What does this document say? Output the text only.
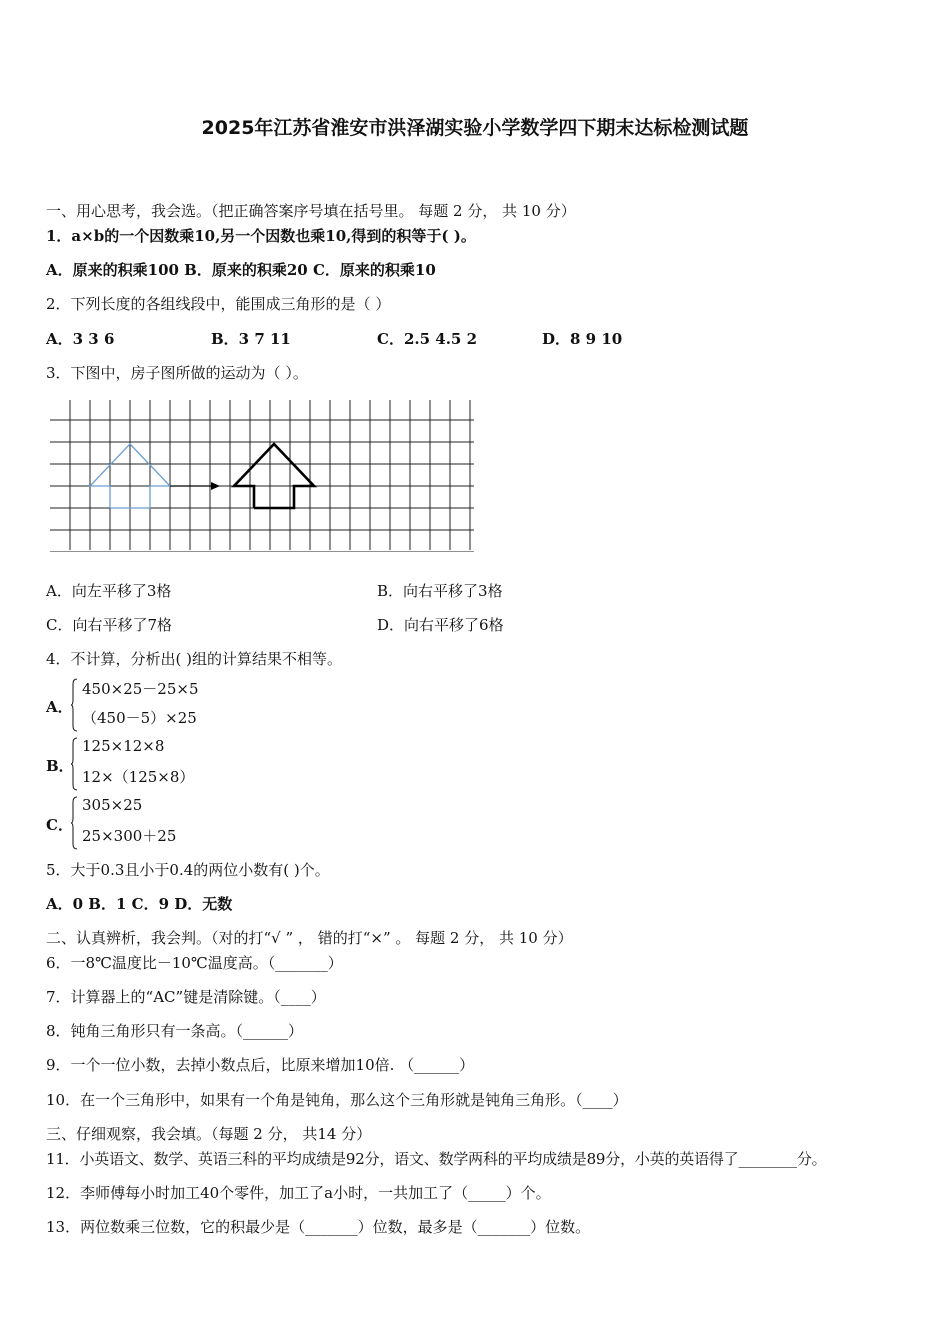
2025年江苏省淮安市洪泽湖实验小学数学四下期末达标检测试题
一、用心思考，我会选。（把正确答案序号填在括号里。 每题 2 分， 共 10 分）
1．a×b的一个因数乘10,另一个因数也乘10,得到的积等于( )。
A．原来的积乘100 B．原来的积乘20 C．原来的积乘10
2．下列长度的各组线段中，能围成三角形的是（ ）
A．3 3 6	B．3 7 11	C．2.5 4.5 2	D．8 9 10
3．下图中，房子图所做的运动为（ ）。
A．向左平移了3格	B．向右平移了3格
C．向右平移了7格	D．向右平移了6格
4．不计算，分析出( )组的计算结果不相等。
A．
450×25－25×5
（450－5）×25
B．
125×12×8
12×（125×8）
C．
305×25
25×300＋25
5．大于0.3且小于0.4的两位小数有( )个。
A．0 B．1 C．9 D．无数
二、认真辨析，我会判。（对的打“√ ” ， 错的打“×” 。 每题 2 分， 共 10 分）
6．一8℃温度比－10℃温度高。（_______）
7．计算器上的“AC”键是清除键。（____）
8．钝角三角形只有一条高。（______）
9．一个一位小数，去掉小数点后，比原来增加10倍. （______）
10．在一个三角形中，如果有一个角是钝角，那么这个三角形就是钝角三角形。（____）
三、仔细观察，我会填。（每题 2 分， 共14 分）
11．小英语文、数学、英语三科的平均成绩是92分，语文、数学两科的平均成绩是89分，小英的英语得了________分。
12．李师傅每小时加工40个零件，加工了a小时，一共加工了（_____）个。
13．两位数乘三位数，它的积最少是（_______）位数，最多是（_______）位数。
